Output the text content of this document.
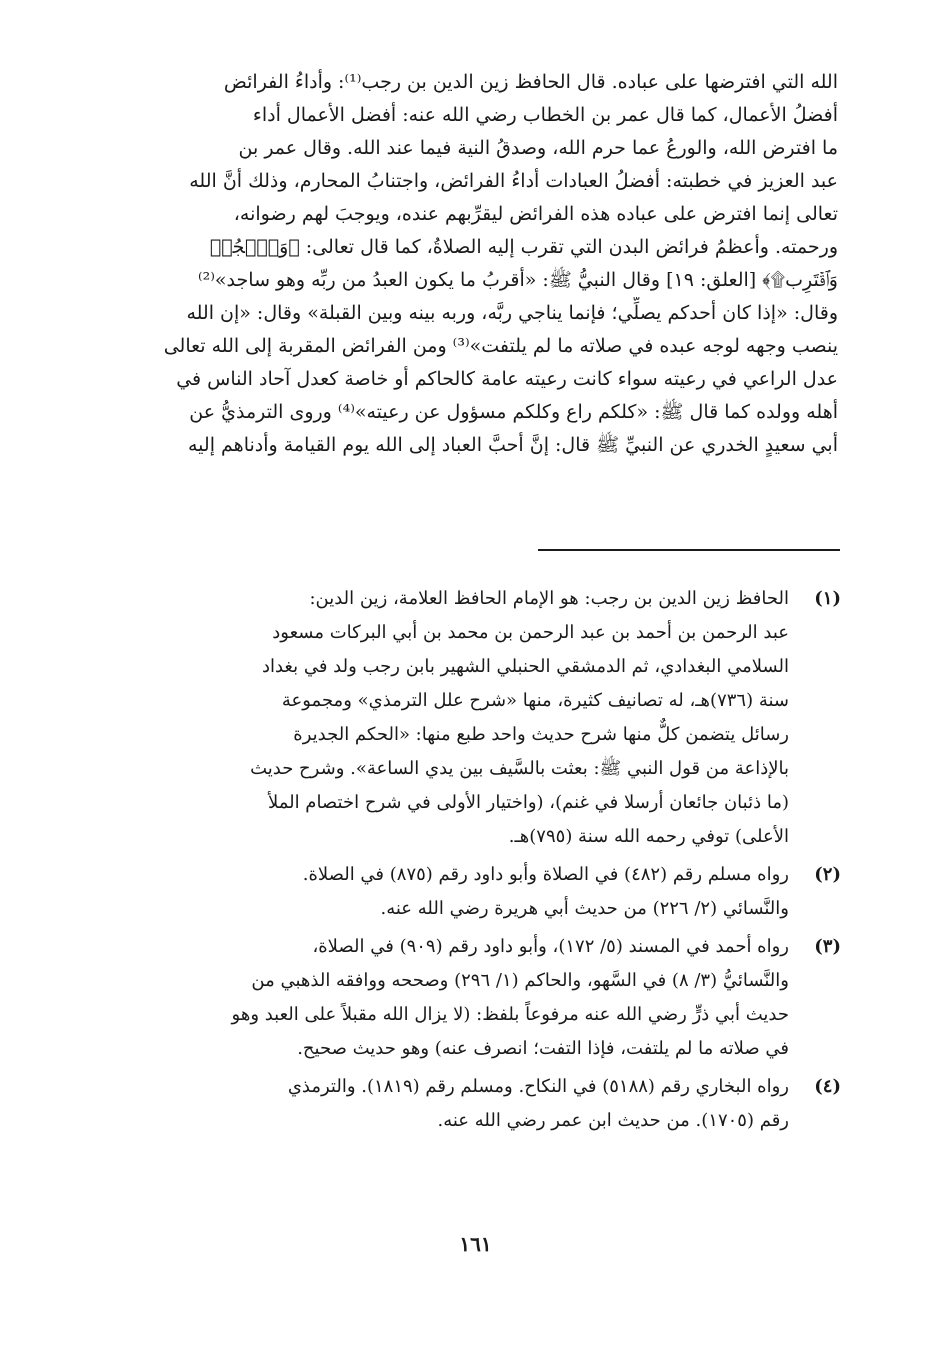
الله التي افترضها على عباده. قال الحافظ زين الدين بن رجب⁽¹⁾: وأداءُ الفرائض
أفضلُ الأعمال، كما قال عمر بن الخطاب رضي الله عنه: أفضل الأعمال أداء
ما افترض الله، والورعُ عما حرم الله، وصدقُ النية فيما عند الله. وقال عمر بن
عبد العزيز في خطبته: أفضلُ العبادات أداءُ الفرائض، واجتنابُ المحارم، وذلك أنَّ الله
تعالى إنما افترض على عباده هذه الفرائض ليقرِّبهم عنده، ويوجبَ لهم رضوانه،
ورحمته. وأعظمُ فرائض البدن التي تقرب إليه الصلاةُ، كما قال تعالى: ﴿وَٱسۡجُدۡ
وَٱقۡتَرِب۩﴾ [العلق: ١٩] وقال النبيُّ ﷺ: «أقربُ ما يكون العبدُ من ربِّه وهو ساجد»⁽²⁾
وقال: «إذا كان أحدكم يصلِّي؛ فإنما يناجي ربَّه، وربه بينه وبين القبلة» وقال: «إن الله
ينصب وجهه لوجه عبده في صلاته ما لم يلتفت»⁽³⁾ ومن الفرائض المقربة إلى الله تعالى
عدل الراعي في رعيته سواء كانت رعيته عامة كالحاكم أو خاصة كعدل آحاد الناس في
أهله وولده كما قال ﷺ: «كلكم راع وكلكم مسؤول عن رعيته»⁽⁴⁾ وروى الترمذيُّ عن
أبي سعيدٍ الخدري عن النبيِّ ﷺ قال: إنَّ أحبَّ العباد إلى الله يوم القيامة وأدناهم إليه
(١)
الحافظ زين الدين بن رجب: هو الإمام الحافظ العلامة، زين الدين:
عبد الرحمن بن أحمد بن عبد الرحمن بن محمد بن أبي البركات مسعود
السلامي البغدادي، ثم الدمشقي الحنبلي الشهير بابن رجب ولد في بغداد
سنة (٧٣٦)هـ، له تصانيف كثيرة، منها «شرح علل الترمذي» ومجموعة
رسائل يتضمن كلٌّ منها شرح حديث واحد طبع منها: «الحكم الجديرة
بالإذاعة من قول النبي ﷺ: بعثت بالسَّيف بين يدي الساعة». وشرح حديث
(ما ذئبان جائعان أرسلا في غنم)، (واختيار الأولى في شرح اختصام الملأ
الأعلى) توفي رحمه الله سنة (٧٩٥)هـ.
(٢)
رواه مسلم رقم (٤٨٢) في الصلاة وأبو داود رقم (٨٧٥) في الصلاة.
والنَّسائي (٢/ ٢٢٦) من حديث أبي هريرة رضي الله عنه.
(٣)
رواه أحمد في المسند (٥/ ١٧٢)، وأبو داود رقم (٩٠٩) في الصلاة،
والنَّسائيُّ (٣/ ٨) في السَّهو، والحاكم (١/ ٢٩٦) وصححه ووافقه الذهبي من
حديث أبي ذرٍّ رضي الله عنه مرفوعاً بلفظ: (لا يزال الله مقبلاً على العبد وهو
في صلاته ما لم يلتفت، فإذا التفت؛ انصرف عنه) وهو حديث صحيح.
(٤)
رواه البخاري رقم (٥١٨٨) في النكاح. ومسلم رقم (١٨١٩). والترمذي
رقم (١٧٠٥). من حديث ابن عمر رضي الله عنه.
١٦١
